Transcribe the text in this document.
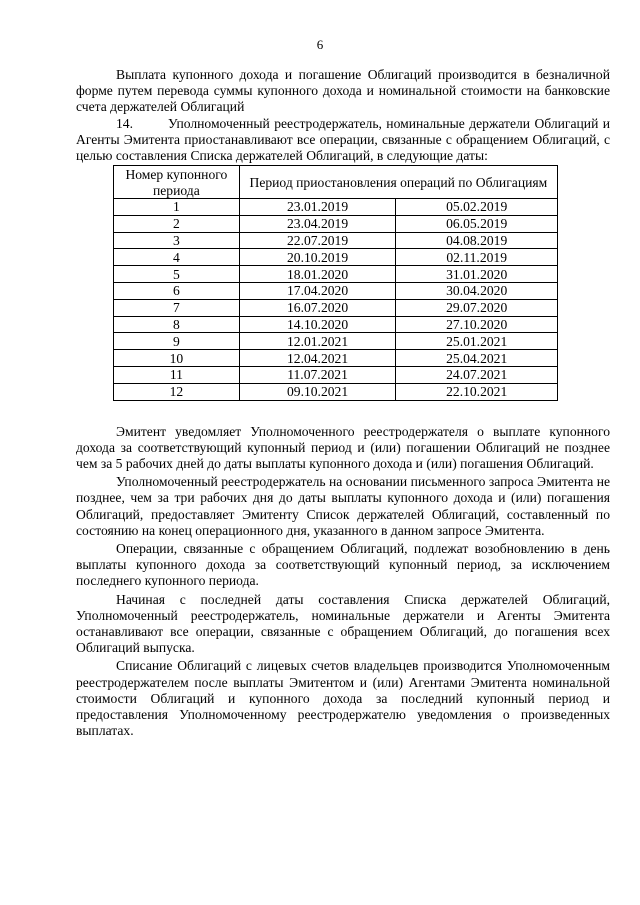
6

Выплата купонного дохода и погашение Облигаций производится в безналичной форме путем перевода суммы купонного дохода и номинальной стоимости на банковские счета держателей Облигаций

14.	Уполномоченный реестродержатель, номинальные держатели Облигаций и Агенты Эмитента приостанавливают все операции, связанные с обращением Облигаций, с целью составления Списка держателей Облигаций, в следующие даты:

Номер купонного периода	Период приостановления операций по Облигациям	
1	23.01.2019	05.02.2019
2	23.04.2019	06.05.2019
3	22.07.2019	04.08.2019
4	20.10.2019	02.11.2019
5	18.01.2020	31.01.2020
6	17.04.2020	30.04.2020
7	16.07.2020	29.07.2020
8	14.10.2020	27.10.2020
9	12.01.2021	25.01.2021
10	12.04.2021	25.04.2021
11	11.07.2021	24.07.2021
12	09.10.2021	22.10.2021

Эмитент уведомляет Уполномоченного реестродержателя о выплате купонного дохода за соответствующий купонный период и (или) погашении Облигаций не позднее чем за 5 рабочих дней до даты выплаты купонного дохода и (или) погашения Облигаций.

Уполномоченный реестродержатель на основании письменного запроса Эмитента не позднее, чем за три рабочих дня до даты выплаты купонного дохода и (или) погашения Облигаций, предоставляет Эмитенту Список держателей Облигаций, составленный по состоянию на конец операционного дня, указанного в данном запросе Эмитента.

Операции, связанные с обращением Облигаций, подлежат возобновлению в день выплаты купонного дохода за соответствующий купонный период, за исключением последнего купонного периода.

Начиная с последней даты составления Списка держателей Облигаций, Уполномоченный реестродержатель, номинальные держатели и Агенты Эмитента останавливают все операции, связанные с обращением Облигаций, до погашения всех Облигаций выпуска.

Списание Облигаций с лицевых счетов владельцев производится Уполномоченным реестродержателем после выплаты Эмитентом и (или) Агентами Эмитента номинальной стоимости Облигаций и купонного дохода за последний купонный период и предоставления Уполномоченному реестродержателю уведомления о произведенных выплатах.
